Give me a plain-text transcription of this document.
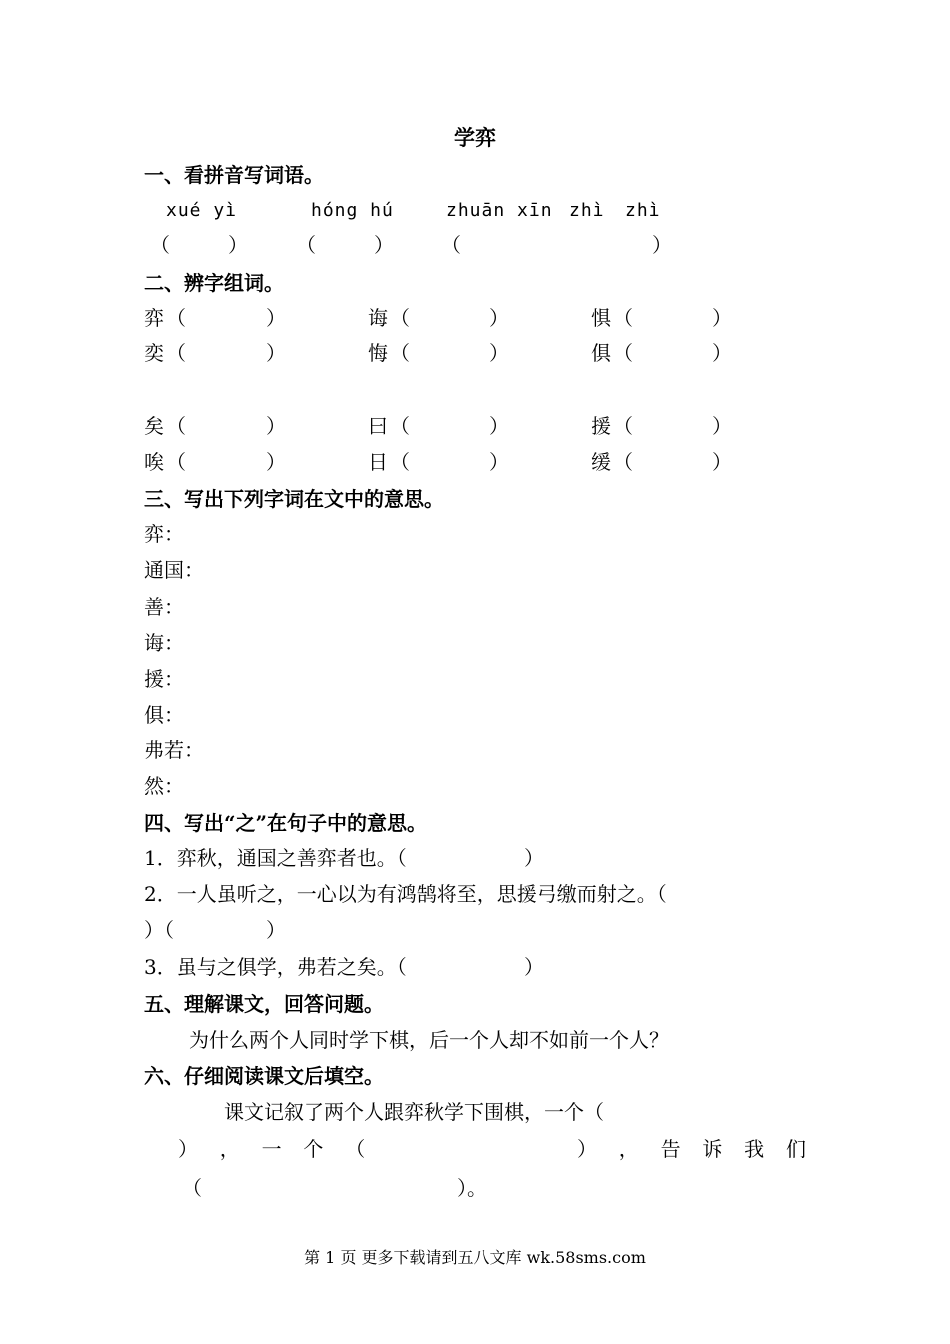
学弈
一、看拼音写词语。
xué yì	hóng hú	zhuān xīn zhì zhì
（	） （	） （	）
二、辨字组词。
弈 （	）	诲 （	）	惧 （	）
奕 （	）	悔 （	）	俱 （	）
矣 （	）	曰 （	）	援 （	）
唉 （	）	日 （	）	缓 （	）
三、写出下列字词在文中的意思。
弈：
通国：
善：
诲：
援：
俱：
弗若：
然：
四、写出“之”在句子中的意思。
1．弈秋，通国之善弈者也。（	）
2．一人虽听之，一心以为有鸿鹄将至，思援弓缴而射之。（
）（	）
3．虽与之俱学，弗若之矣。（	）
五、理解课文，回答问题。
为什么两个人同时学下棋，后一个人却不如前一个人？
六、仔细阅读课文后填空。
课文记叙了两个人跟弈秋学下围棋，一个（
） ， 一 个 （	） ， 告 诉 我 们
（	）。
第 1 页 更多下载请到五八文库 wk.58sms.com
